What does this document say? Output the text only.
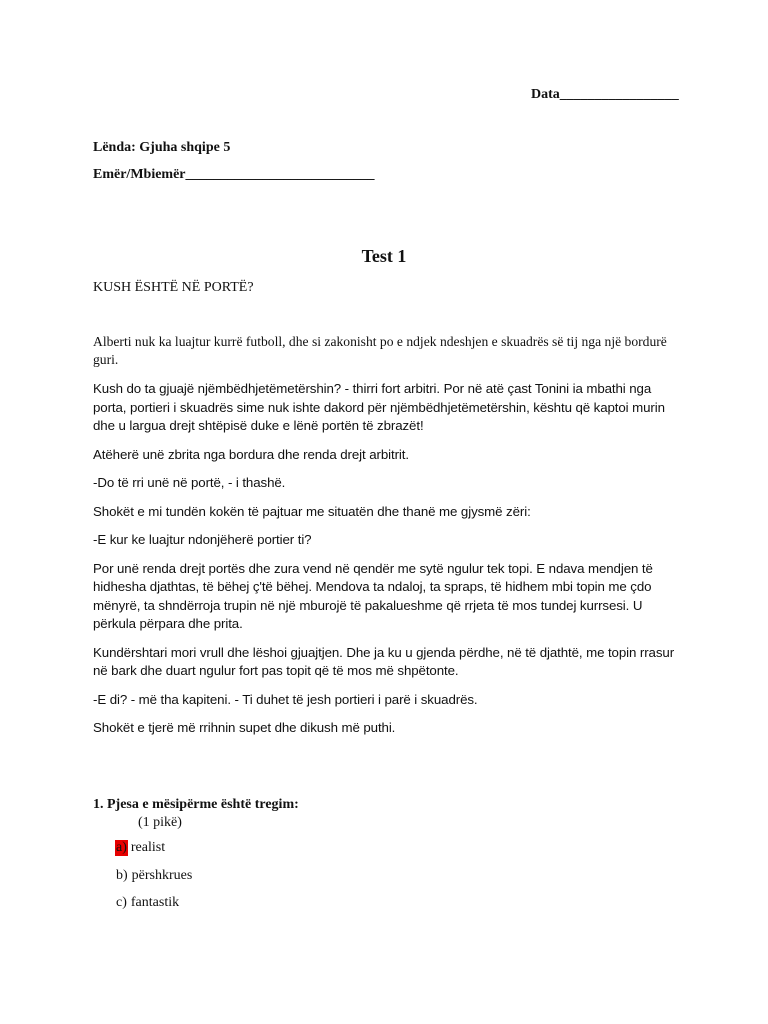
Data_________________
Lënda: Gjuha shqipe 5
Emër/Mbiemër___________________________
Test 1
KUSH ËSHTË NË PORTË?

Alberti nuk ka luajtur kurrë futboll, dhe si zakonisht po e ndjek ndeshjen e skuadrës së tij nga një bordurë guri.

Kush do ta gjuajë njëmbëdhjetëmetërshin? - thirri fort arbitri. Por në atë çast Tonini ia mbathi nga porta, portieri i skuadrës sime nuk ishte dakord për njëmbëdhjetëmetërshin, kështu që kaptoi murin dhe u largua drejt shtëpisë duke e lënë portën të zbrazët!

Atëherë unë zbrita nga bordura dhe renda drejt arbitrit.

-Do të rri unë në portë, - i thashë.

Shokët e mi tundën kokën të pajtuar me situatën dhe thanë me gjysmë zëri:

-E kur ke luajtur ndonjëherë portier ti?

Por unë renda drejt portës dhe zura vend në qendër me sytë ngulur tek topi. E ndava mendjen të hidhesha djathtas, të bëhej ç'të bëhej. Mendova ta ndaloj, ta spraps, të hidhem mbi topin me çdo mënyrë, ta shndërroja trupin në një mburojë të pakalueshme që rrjeta të mos tundej kurrsesi. U përkula përpara dhe prita.

Kundërshtari mori vrull dhe lëshoi gjuajtjen. Dhe ja ku u gjenda përdhe, në të djathtë, me topin rrasur në bark dhe duart ngulur fort pas topit që të mos më shpëtonte.

-E di? - më tha kapiteni. - Ti duhet të jesh portieri i parë i skuadrës.

Shokët e tjerë më rrihnin supet dhe dikush më puthi.

1. Pjesa e mësipërme është tregim:
(1 pikë)
a) realist
b) përshkrues
c) fantastik
